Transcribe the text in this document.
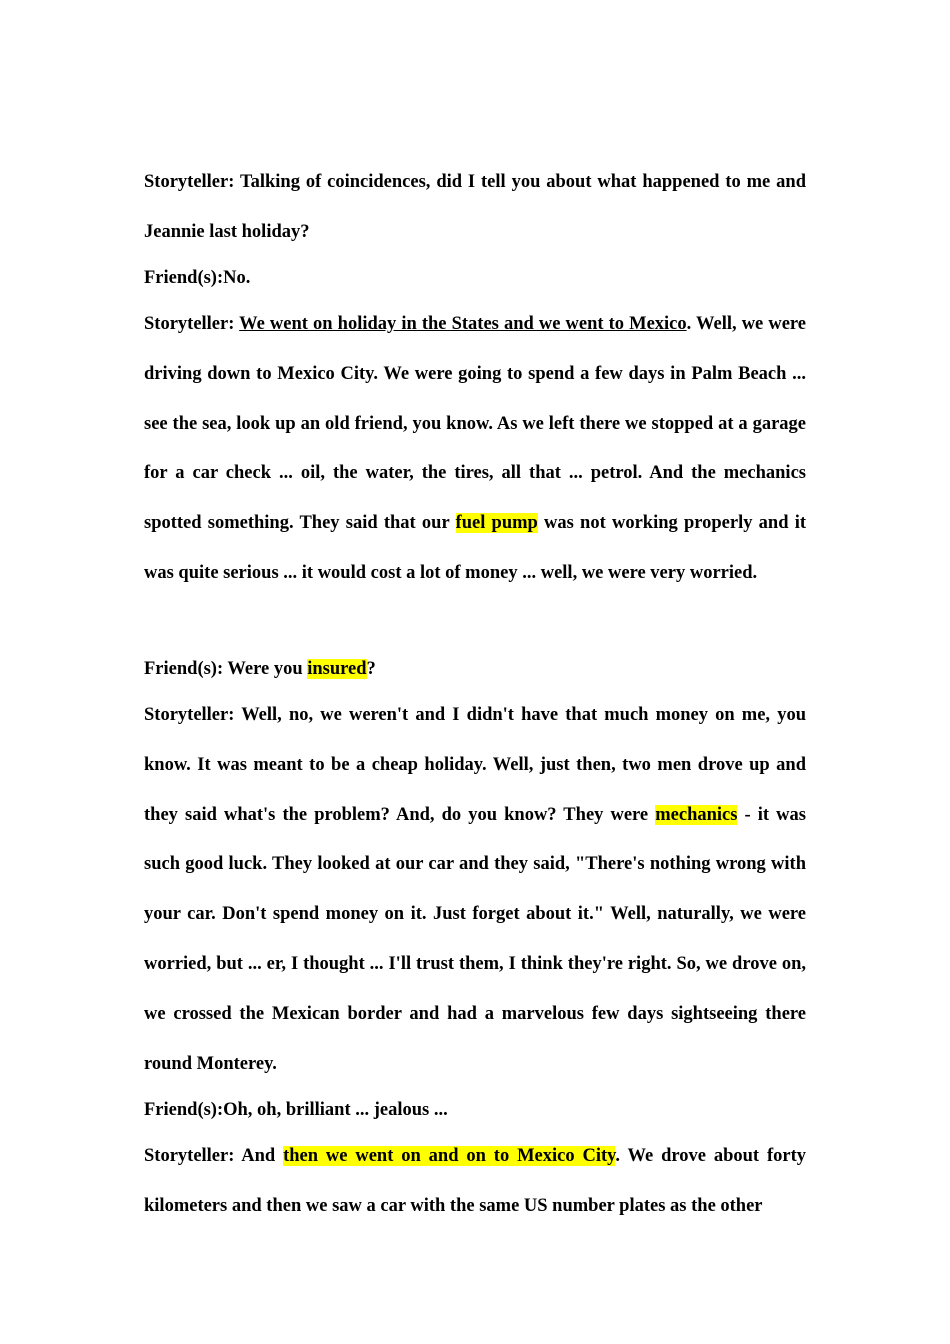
Storyteller: Talking of coincidences, did I tell you about what happened to me and Jeannie last holiday?

Friend(s):No.

Storyteller: We went on holiday in the States and we went to Mexico. Well, we were driving down to Mexico City. We were going to spend a few days in Palm Beach ... see the sea, look up an old friend, you know. As we left there we stopped at a garage for a car check ... oil, the water, the tires, all that ... petrol. And the mechanics spotted something. They said that our fuel pump was not working properly and it was quite serious ... it would cost a lot of money ... well, we were very worried.

Friend(s): Were you insured?

Storyteller: Well, no, we weren't and I didn't have that much money on me, you know. It was meant to be a cheap holiday. Well, just then, two men drove up and they said what's the problem? And, do you know? They were mechanics - it was such good luck. They looked at our car and they said, "There's nothing wrong with your car. Don't spend money on it. Just forget about it." Well, naturally, we were worried, but ... er, I thought ... I'll trust them, I think they're right. So, we drove on, we crossed the Mexican border and had a marvelous few days sightseeing there round Monterey.

Friend(s):Oh, oh, brilliant ... jealous ...

Storyteller: And then we went on and on to Mexico City. We drove about forty kilometers and then we saw a car with the same US number plates as the other
